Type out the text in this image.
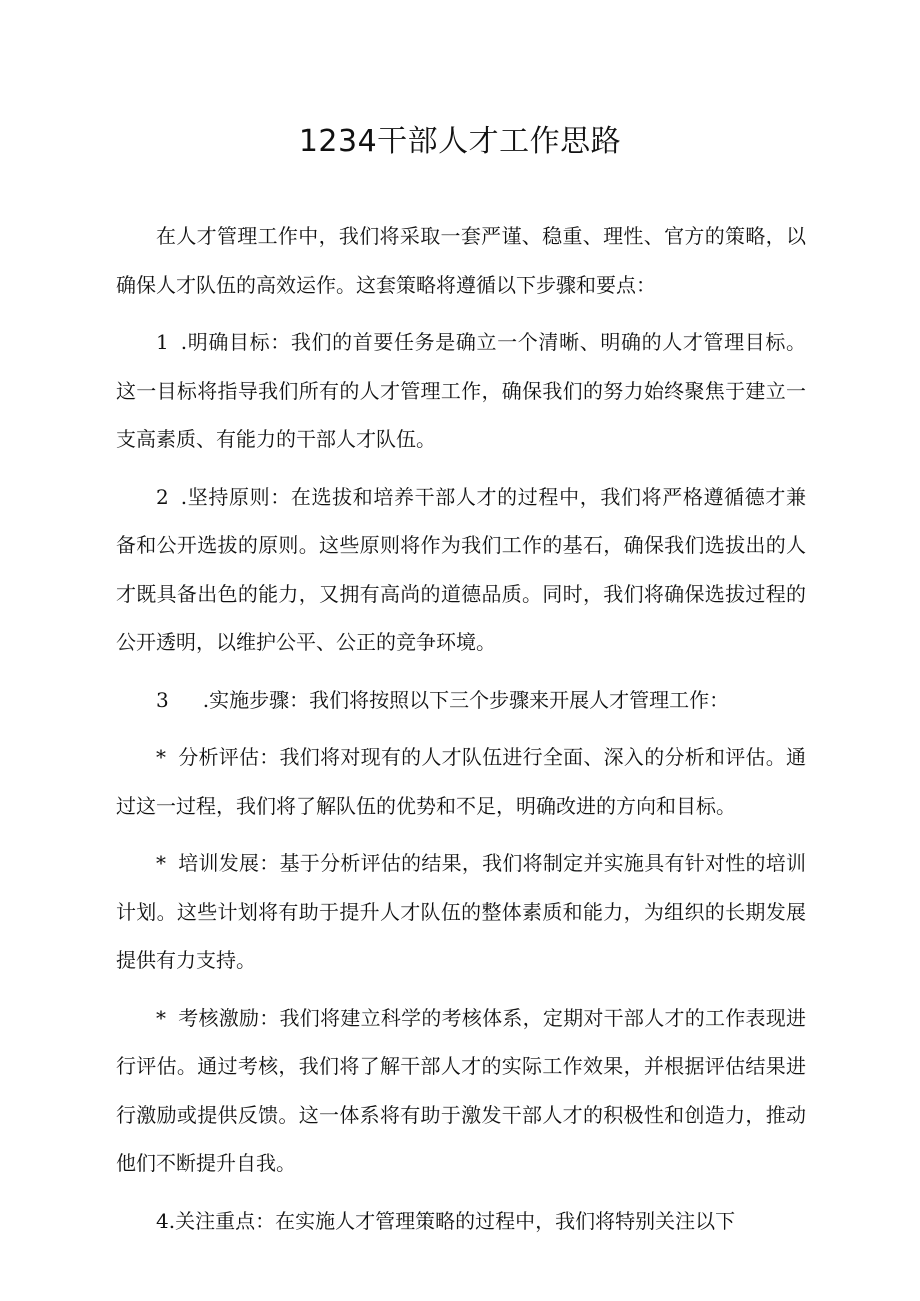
1234干部人才工作思路

在人才管理工作中，我们将采取一套严谨、稳重、理性、官方的策略，以确保人才队伍的高效运作。这套策略将遵循以下步骤和要点：

1 .明确目标：我们的首要任务是确立一个清晰、明确的人才管理目标。这一目标将指导我们所有的人才管理工作，确保我们的努力始终聚焦于建立一支高素质、有能力的干部人才队伍。

2 .坚持原则：在选拔和培养干部人才的过程中，我们将严格遵循德才兼备和公开选拔的原则。这些原则将作为我们工作的基石，确保我们选拔出的人才既具备出色的能力，又拥有高尚的道德品质。同时，我们将确保选拔过程的公开透明，以维护公平、公正的竞争环境。

3 .实施步骤：我们将按照以下三个步骤来开展人才管理工作：

* 分析评估：我们将对现有的人才队伍进行全面、深入的分析和评估。通过这一过程，我们将了解队伍的优势和不足，明确改进的方向和目标。

* 培训发展：基于分析评估的结果，我们将制定并实施具有针对性的培训计划。这些计划将有助于提升人才队伍的整体素质和能力，为组织的长期发展提供有力支持。

* 考核激励：我们将建立科学的考核体系，定期对干部人才的工作表现进行评估。通过考核，我们将了解干部人才的实际工作效果，并根据评估结果进行激励或提供反馈。这一体系将有助于激发干部人才的积极性和创造力，推动他们不断提升自我。

4.关注重点：在实施人才管理策略的过程中，我们将特别关注以下
